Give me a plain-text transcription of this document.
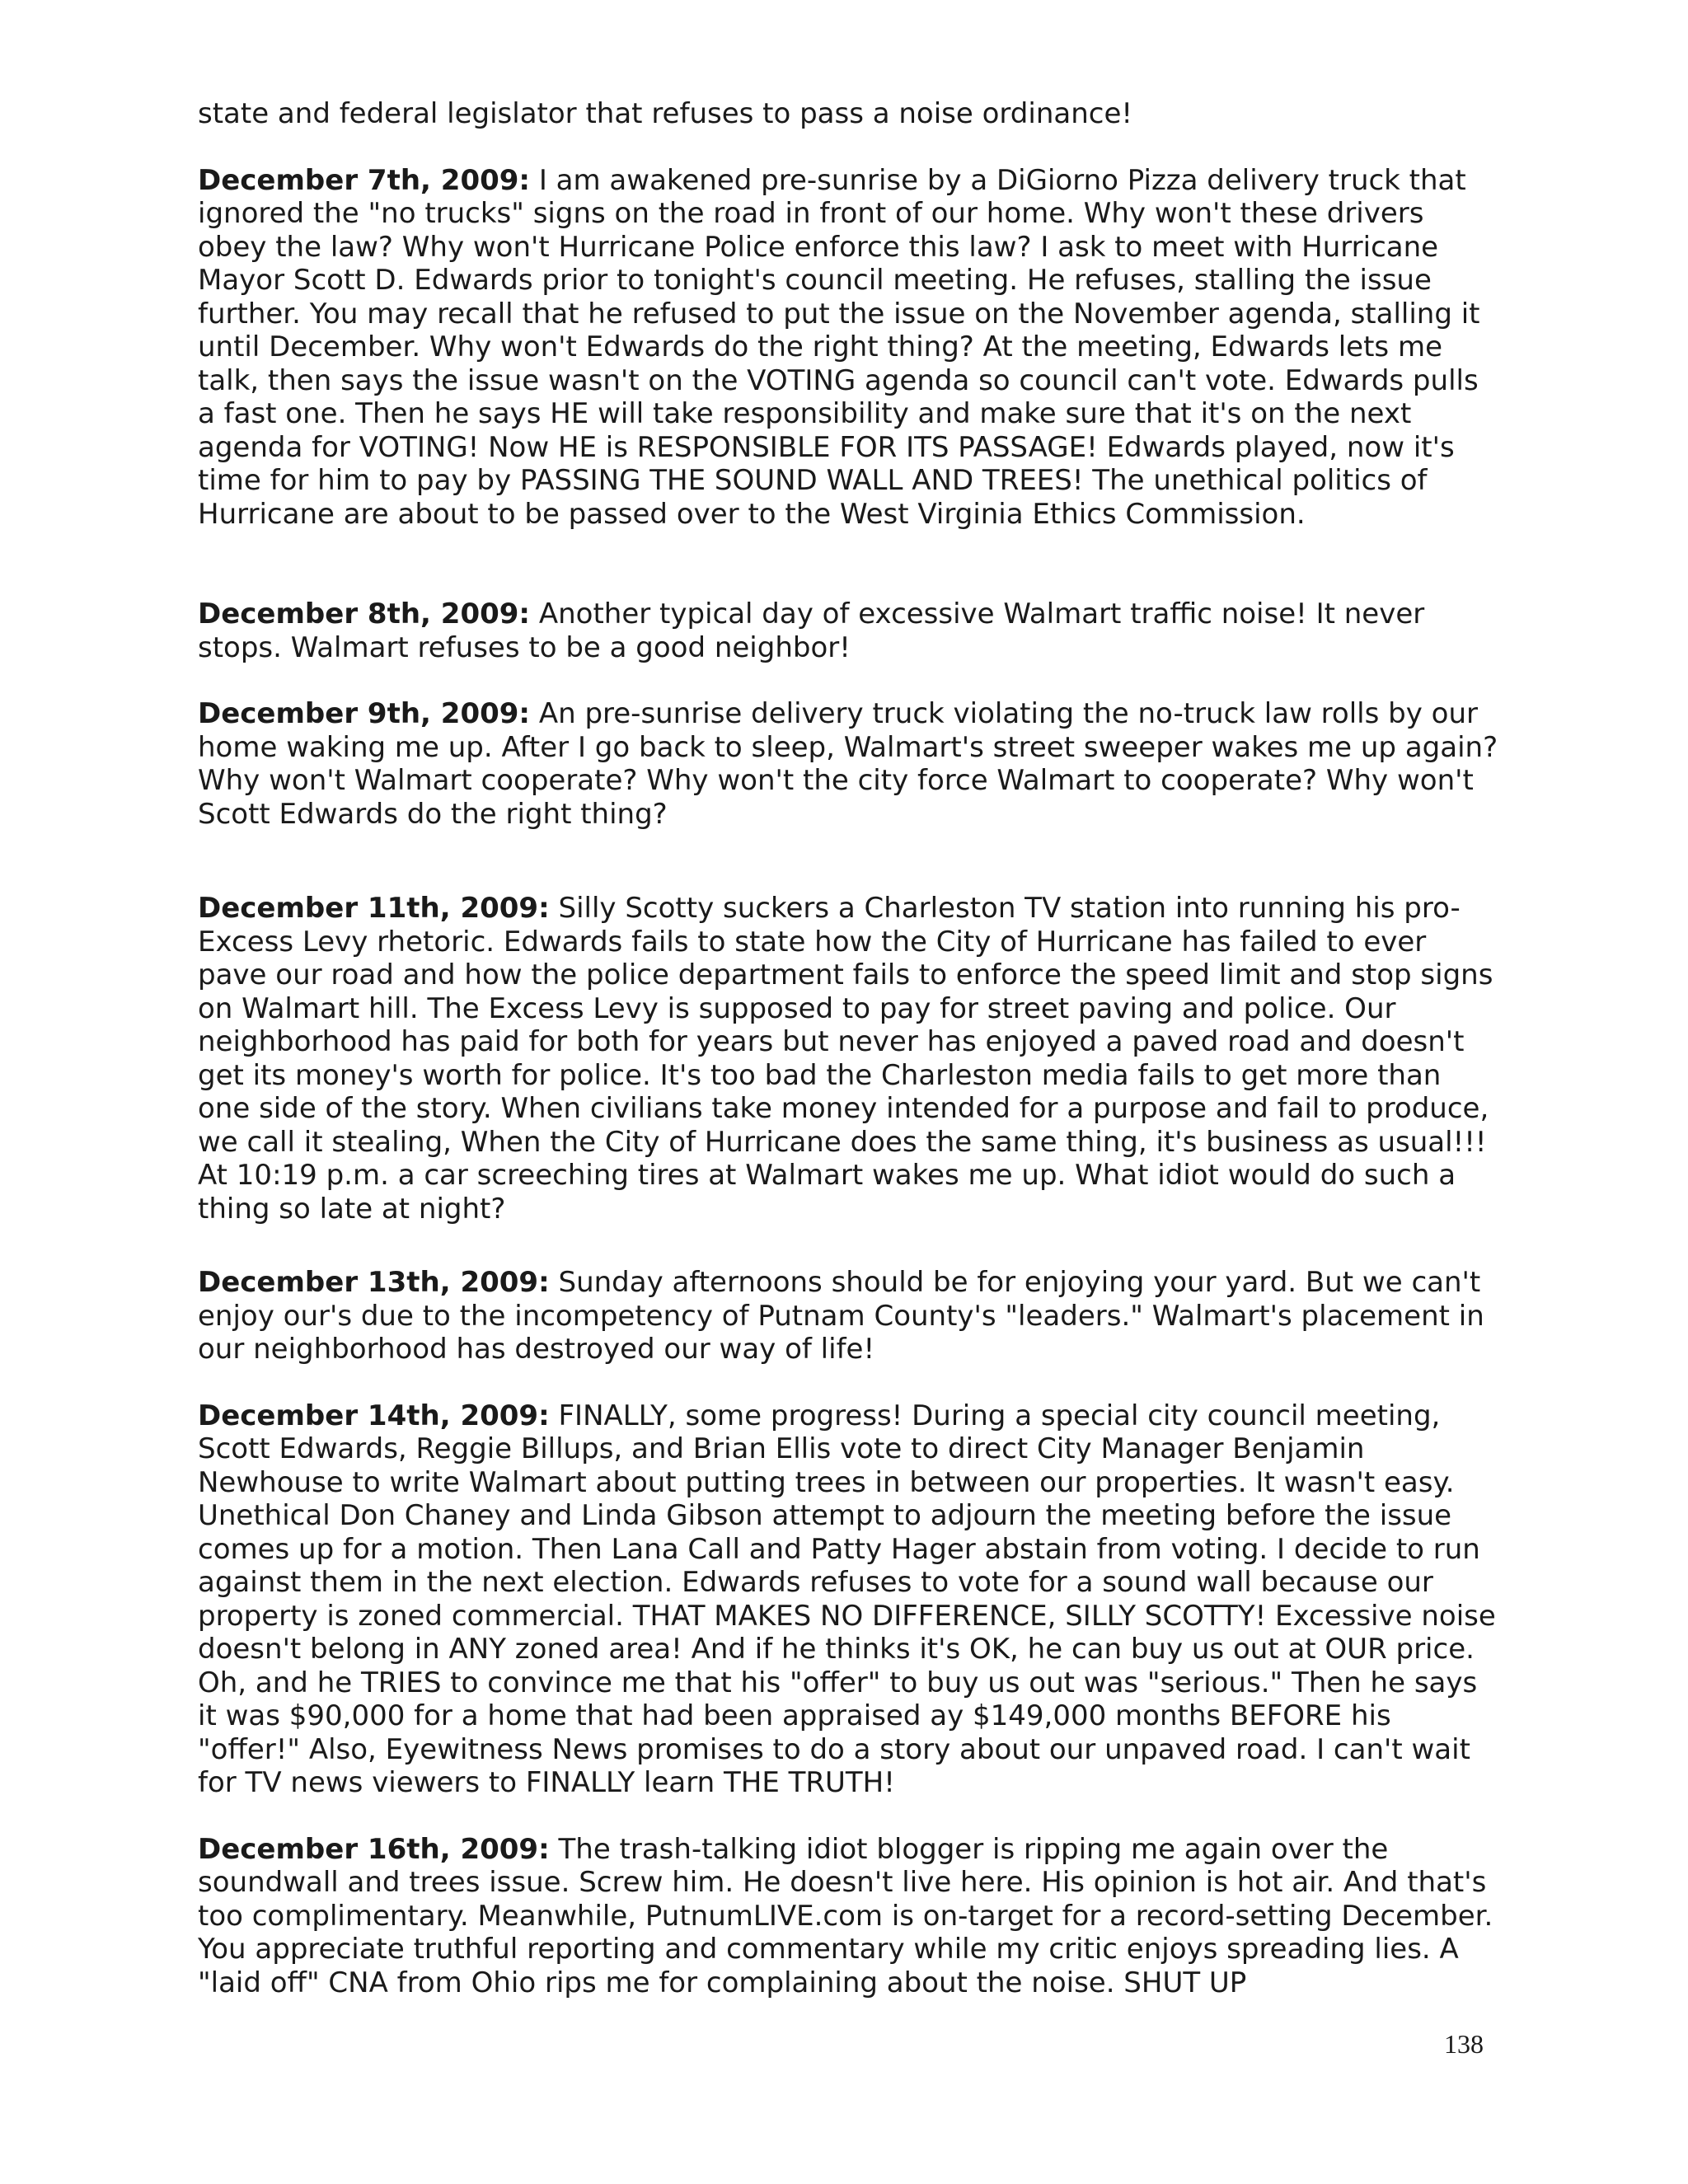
state and federal legislator that refuses to pass a noise ordinance!

December 7th, 2009: I am awakened pre-sunrise by a DiGiorno Pizza delivery truck that ignored the "no trucks" signs on the road in front of our home. Why won't these drivers obey the law? Why won't Hurricane Police enforce this law? I ask to meet with Hurricane Mayor Scott D. Edwards prior to tonight's council meeting. He refuses, stalling the issue further. You may recall that he refused to put the issue on the November agenda, stalling it until December. Why won't Edwards do the right thing? At the meeting, Edwards lets me talk, then says the issue wasn't on the VOTING agenda so council can't vote. Edwards pulls a fast one. Then he says HE will take responsibility and make sure that it's on the next agenda for VOTING! Now HE is RESPONSIBLE FOR ITS PASSAGE! Edwards played, now it's time for him to pay by PASSING THE SOUND WALL AND TREES! The unethical politics of Hurricane are about to be passed over to the West Virginia Ethics Commission.

December 8th, 2009: Another typical day of excessive Walmart traffic noise! It never stops. Walmart refuses to be a good neighbor!

December 9th, 2009: An pre-sunrise delivery truck violating the no-truck law rolls by our home waking me up. After I go back to sleep, Walmart's street sweeper wakes me up again? Why won't Walmart cooperate? Why won't the city force Walmart to cooperate? Why won't Scott Edwards do the right thing?

December 11th, 2009: Silly Scotty suckers a Charleston TV station into running his pro-Excess Levy rhetoric. Edwards fails to state how the City of Hurricane has failed to ever pave our road and how the police department fails to enforce the speed limit and stop signs on Walmart hill. The Excess Levy is supposed to pay for street paving and police. Our neighborhood has paid for both for years but never has enjoyed a paved road and doesn't get its money's worth for police. It's too bad the Charleston media fails to get more than one side of the story. When civilians take money intended for a purpose and fail to produce, we call it stealing, When the City of Hurricane does the same thing, it's business as usual!!! At 10:19 p.m. a car screeching tires at Walmart wakes me up. What idiot would do such a thing so late at night?

December 13th, 2009: Sunday afternoons should be for enjoying your yard. But we can't enjoy our's due to the incompetency of Putnam County's "leaders." Walmart's placement in our neighborhood has destroyed our way of life!

December 14th, 2009: FINALLY, some progress! During a special city council meeting, Scott Edwards, Reggie Billups, and Brian Ellis vote to direct City Manager Benjamin Newhouse to write Walmart about putting trees in between our properties. It wasn't easy. Unethical Don Chaney and Linda Gibson attempt to adjourn the meeting before the issue comes up for a motion. Then Lana Call and Patty Hager abstain from voting. I decide to run against them in the next election. Edwards refuses to vote for a sound wall because our property is zoned commercial. THAT MAKES NO DIFFERENCE, SILLY SCOTTY! Excessive noise doesn't belong in ANY zoned area! And if he thinks it's OK, he can buy us out at OUR price. Oh, and he TRIES to convince me that his "offer" to buy us out was "serious." Then he says it was $90,000 for a home that had been appraised ay $149,000 months BEFORE his "offer!" Also, Eyewitness News promises to do a story about our unpaved road. I can't wait for TV news viewers to FINALLY learn THE TRUTH!

December 16th, 2009: The trash-talking idiot blogger is ripping me again over the soundwall and trees issue. Screw him. He doesn't live here. His opinion is hot air. And that's too complimentary. Meanwhile, PutnumLIVE.com is on-target for a record-setting December. You appreciate truthful reporting and commentary while my critic enjoys spreading lies. A "laid off" CNA from Ohio rips me for complaining about the noise. SHUT UP

138
